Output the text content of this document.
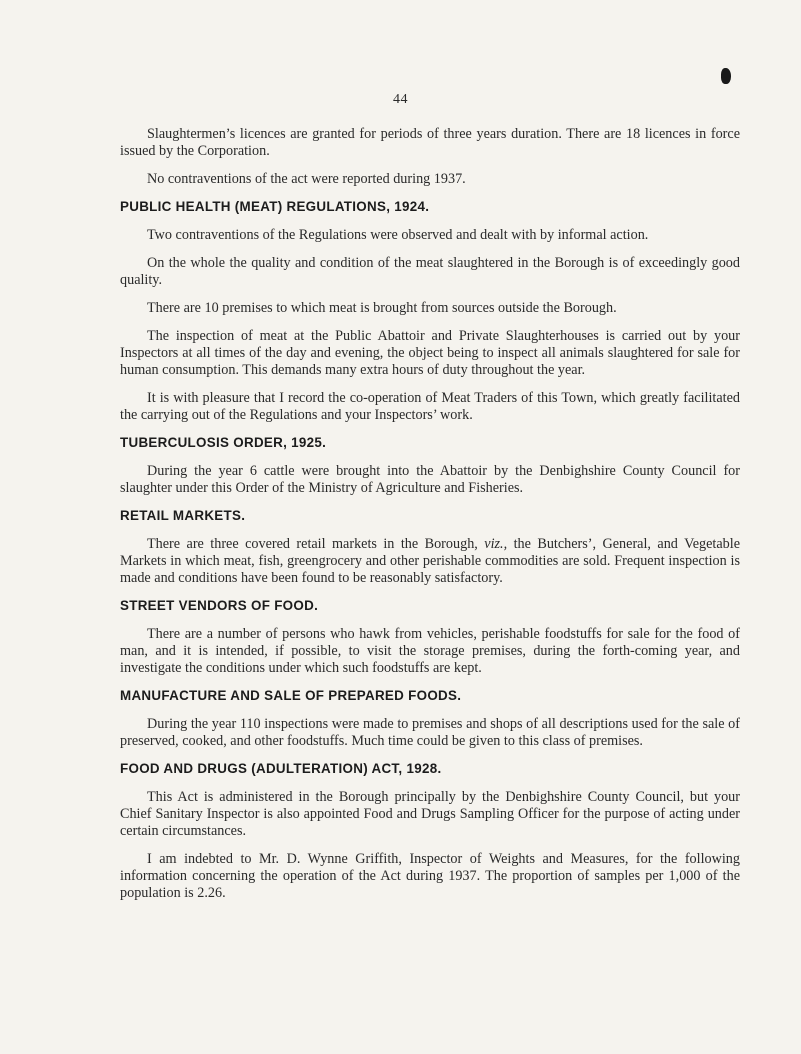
44

Slaughtermen’s licences are granted for periods of three years duration. There are 18 licences in force issued by the Corporation.

No contraventions of the act were reported during 1937.

PUBLIC HEALTH (MEAT) REGULATIONS, 1924.

Two contraventions of the Regulations were observed and dealt with by informal action.

On the whole the quality and condition of the meat slaughtered in the Borough is of exceedingly good quality.

There are 10 premises to which meat is brought from sources outside the Borough.

The inspection of meat at the Public Abattoir and Private Slaughterhouses is carried out by your Inspectors at all times of the day and evening, the object being to inspect all animals slaughtered for sale for human consumption. This demands many extra hours of duty throughout the year.

It is with pleasure that I record the co-operation of Meat Traders of this Town, which greatly facilitated the carrying out of the Regulations and your Inspectors’ work.

TUBERCULOSIS ORDER, 1925.

During the year 6 cattle were brought into the Abattoir by the Denbighshire County Council for slaughter under this Order of the Ministry of Agriculture and Fisheries.

RETAIL MARKETS.

There are three covered retail markets in the Borough, viz., the Butchers’, General, and Vegetable Markets in which meat, fish, greengrocery and other perishable commodities are sold. Frequent inspection is made and conditions have been found to be reasonably satisfactory.

STREET VENDORS OF FOOD.

There are a number of persons who hawk from vehicles, perishable foodstuffs for sale for the food of man, and it is intended, if possible, to visit the storage premises, during the forth-coming year, and investigate the conditions under which such foodstuffs are kept.

MANUFACTURE AND SALE OF PREPARED FOODS.

During the year 110 inspections were made to premises and shops of all descriptions used for the sale of preserved, cooked, and other foodstuffs. Much time could be given to this class of premises.

FOOD AND DRUGS (ADULTERATION) ACT, 1928.

This Act is administered in the Borough principally by the Denbighshire County Council, but your Chief Sanitary Inspector is also appointed Food and Drugs Sampling Officer for the purpose of acting under certain circumstances.

I am indebted to Mr. D. Wynne Griffith, Inspector of Weights and Measures, for the following information concerning the operation of the Act during 1937. The proportion of samples per 1,000 of the population is 2.26.
